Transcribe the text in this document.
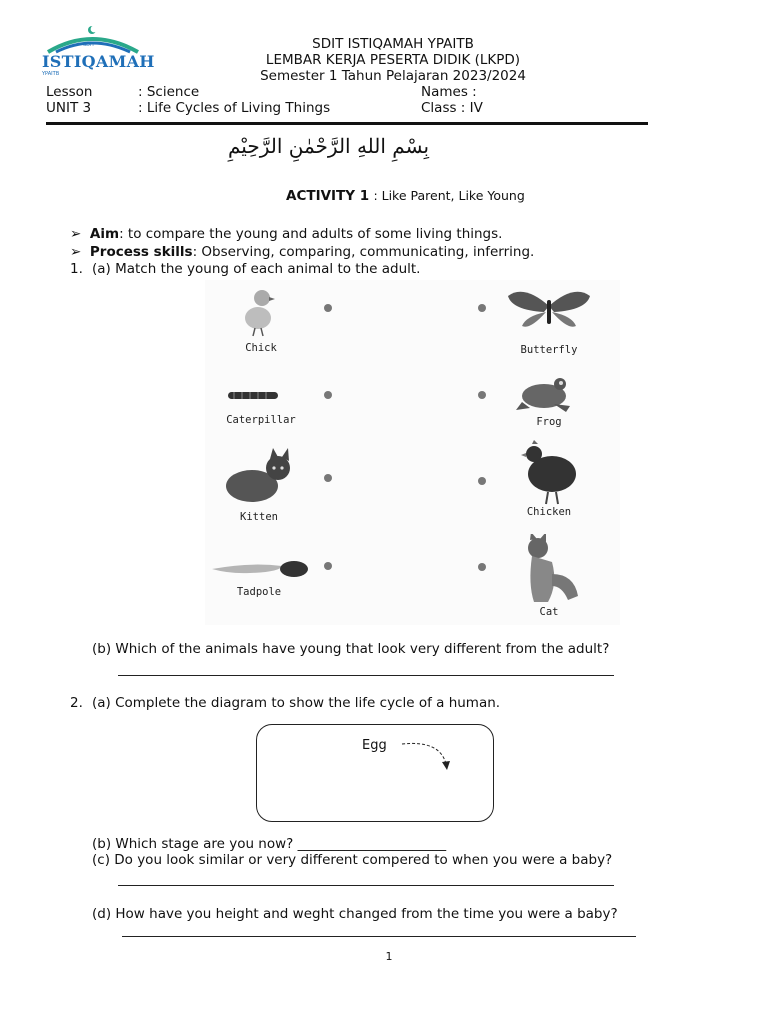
SDIT
ISTIQAMAH
YPAITB
SDIT ISTIQAMAH YPAITB
LEMBAR KERJA PESERTA DIDIK (LKPD)
Semester 1 Tahun Pelajaran 2023/2024
Lesson	: Science	Names :
UNIT 3	: Life Cycles of Living Things	Class : IV
بِسْمِ اللهِ الرَّحْمٰنِ الرَّحِيْمِ
ACTIVITY 1 : Like Parent, Like Young
➢ Aim: to compare the young and adults of some living things.
➢ Process skills: Observing, comparing, communicating, inferring.
1. (a) Match the young of each animal to the adult.
Chick
Caterpillar
Kitten
Tadpole
Butterfly
Frog
Chicken
Cat
(b) Which of the animals have young that look very different from the adult?
2. (a) Complete the diagram to show the life cycle of a human.
Egg
(b) Which stage are you now? ______________________
(c) Do you look similar or very different compered to when you were a baby?
(d) How have you height and weght changed from the time you were a baby?
1
